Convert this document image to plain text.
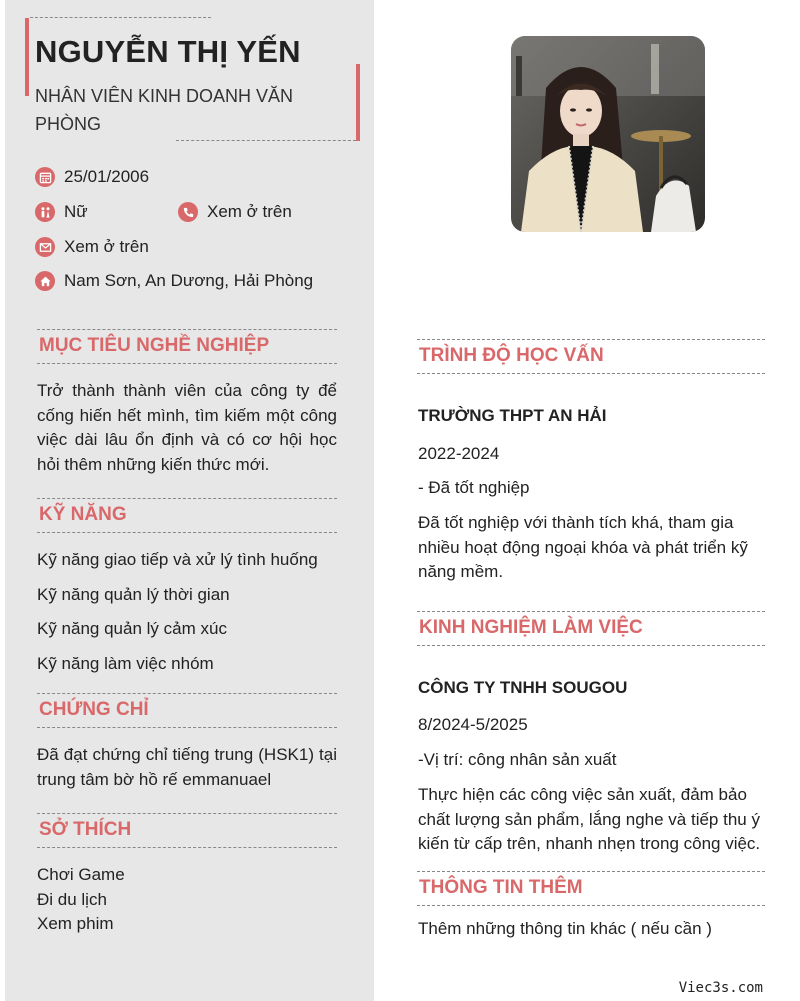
NGUYỄN THỊ YẾN
NHÂN VIÊN KINH DOANH VĂN PHÒNG
25/01/2006
Nữ	Xem ở trên
Xem ở trên
Nam Sơn, An Dương, Hải Phòng
MỤC TIÊU NGHỀ NGHIỆP
Trở thành thành viên của công ty để cống hiến hết mình, tìm kiếm một công việc dài lâu ổn định và có cơ hội học hỏi thêm những kiến thức mới.
KỸ NĂNG
Kỹ năng giao tiếp và xử lý tình huống
Kỹ năng quản lý thời gian
Kỹ năng quản lý cảm xúc
Kỹ năng làm việc nhóm
CHỨNG CHỈ
Đã đạt chứng chỉ tiếng trung (HSK1) tại trung tâm bờ hồ rế emmanuael
SỞ THÍCH
Chơi Game
Đi du lịch
Xem phim
TRÌNH ĐỘ HỌC VẤN
TRƯỜNG THPT AN HẢI
2022-2024
- Đã tốt nghiệp
Đã tốt nghiệp với thành tích khá, tham gia nhiều hoạt động ngoại khóa và phát triển kỹ năng mềm.
KINH NGHIỆM LÀM VIỆC
CÔNG TY TNHH SOUGOU
8/2024-5/2025
-Vị trí: công nhân sản xuất
Thực hiện các công việc sản xuất, đảm bảo chất lượng sản phẩm, lắng nghe và tiếp thu ý kiến từ cấp trên, nhanh nhẹn trong công việc.
THÔNG TIN THÊM
Thêm những thông tin khác ( nếu cần )
Viec3s.com
